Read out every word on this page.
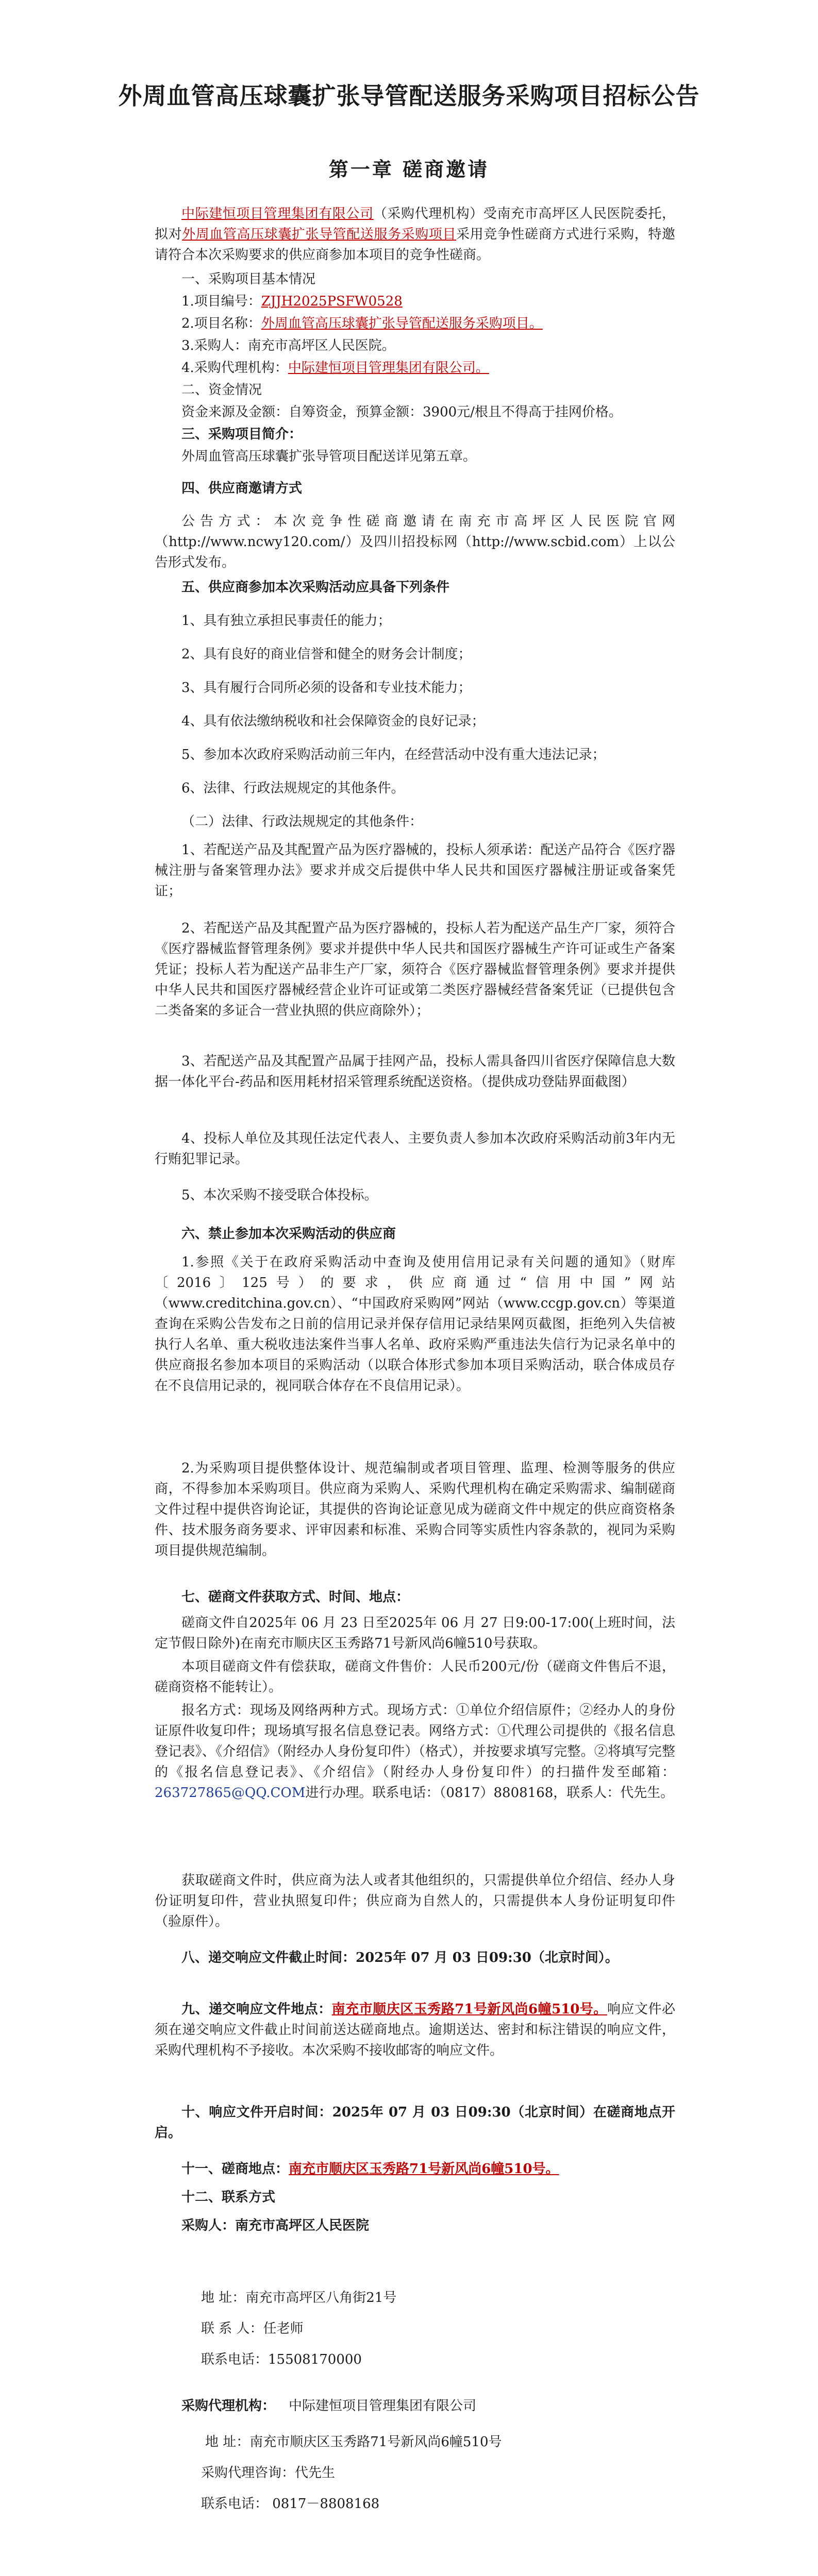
外周血管高压球囊扩张导管配送服务采购项目招标公告
第一章 磋商邀请
中际建恒项目管理集团有限公司（采购代理机构）受南充市高坪区人民医院委托，拟对外周血管高压球囊扩张导管配送服务采购项目采用竞争性磋商方式进行采购，特邀请符合本次采购要求的供应商参加本项目的竞争性磋商。
一、采购项目基本情况
1.项目编号：ZJJH2025PSFW0528
2.项目名称：外周血管高压球囊扩张导管配送服务采购项目。
3.采购人：南充市高坪区人民医院。
4.采购代理机构：中际建恒项目管理集团有限公司。
二、资金情况
资金来源及金额：自筹资金，预算金额：3900元/根且不得高于挂网价格。
三、采购项目简介：
外周血管高压球囊扩张导管项目配送详见第五章。
四、供应商邀请方式
公告方式：本次竞争性磋商邀请在南充市高坪区人民医院官网（http://www.ncwy120.com/）及四川招投标网（http://www.scbid.com）上以公告形式发布。
五、供应商参加本次采购活动应具备下列条件
1、具有独立承担民事责任的能力；
2、具有良好的商业信誉和健全的财务会计制度；
3、具有履行合同所必须的设备和专业技术能力；
4、具有依法缴纳税收和社会保障资金的良好记录；
5、参加本次政府采购活动前三年内，在经营活动中没有重大违法记录；
6、法律、行政法规规定的其他条件。
（二）法律、行政法规规定的其他条件：
1、若配送产品及其配置产品为医疗器械的，投标人须承诺：配送产品符合《医疗器械注册与备案管理办法》要求并成交后提供中华人民共和国医疗器械注册证或备案凭证；
2、若配送产品及其配置产品为医疗器械的，投标人若为配送产品生产厂家，须符合《医疗器械监督管理条例》要求并提供中华人民共和国医疗器械生产许可证或生产备案凭证；投标人若为配送产品非生产厂家，须符合《医疗器械监督管理条例》要求并提供中华人民共和国医疗器械经营企业许可证或第二类医疗器械经营备案凭证（已提供包含二类备案的多证合一营业执照的供应商除外）；
3、若配送产品及其配置产品属于挂网产品，投标人需具备四川省医疗保障信息大数据一体化平台-药品和医用耗材招采管理系统配送资格。（提供成功登陆界面截图）
4、投标人单位及其现任法定代表人、主要负责人参加本次政府采购活动前3年内无行贿犯罪记录。
5、本次采购不接受联合体投标。
六、禁止参加本次采购活动的供应商
1.参照《关于在政府采购活动中查询及使用信用记录有关问题的通知》（财库〔2016〕125号）的要求，供应商通过“信用中国”网站（www.creditchina.gov.cn）、“中国政府采购网”网站（www.ccgp.gov.cn）等渠道查询在采购公告发布之日前的信用记录并保存信用记录结果网页截图，拒绝列入失信被执行人名单、重大税收违法案件当事人名单、政府采购严重违法失信行为记录名单中的供应商报名参加本项目的采购活动（以联合体形式参加本项目采购活动，联合体成员存在不良信用记录的，视同联合体存在不良信用记录）。
2.为采购项目提供整体设计、规范编制或者项目管理、监理、检测等服务的供应商，不得参加本采购项目。供应商为采购人、采购代理机构在确定采购需求、编制磋商文件过程中提供咨询论证，其提供的咨询论证意见成为磋商文件中规定的供应商资格条件、技术服务商务要求、评审因素和标准、采购合同等实质性内容条款的，视同为采购项目提供规范编制。
七、磋商文件获取方式、时间、地点：
磋商文件自2025年 06 月 23 日至2025年 06 月 27 日9:00-17:00(上班时间，法定节假日除外)在南充市顺庆区玉秀路71号新风尚6幢510号获取。
本项目磋商文件有偿获取，磋商文件售价：人民币200元/份（磋商文件售后不退，磋商资格不能转让）。
报名方式：现场及网络两种方式。现场方式：①单位介绍信原件；②经办人的身份证原件收复印件；现场填写报名信息登记表。网络方式：①代理公司提供的《报名信息登记表》、《介绍信》（附经办人身份复印件）（格式），并按要求填写完整。②将填写完整的《报名信息登记表》、《介绍信》（附经办人身份复印件）的扫描件发至邮箱：263727865@QQ.COM进行办理。联系电话：（0817）8808168，联系人：代先生。
获取磋商文件时，供应商为法人或者其他组织的，只需提供单位介绍信、经办人身份证明复印件，营业执照复印件；供应商为自然人的，只需提供本人身份证明复印件（验原件）。
八、递交响应文件截止时间：2025年 07 月 03 日09:30（北京时间）。
九、递交响应文件地点：南充市顺庆区玉秀路71号新风尚6幢510号。响应文件必须在递交响应文件截止时间前送达磋商地点。逾期送达、密封和标注错误的响应文件，采购代理机构不予接收。本次采购不接收邮寄的响应文件。
十、响应文件开启时间：2025年 07 月 03 日09:30（北京时间）在磋商地点开启。
十一、磋商地点：南充市顺庆区玉秀路71号新风尚6幢510号。
十二、联系方式
采购人：南充市高坪区人民医院
地 址：南充市高坪区八角街21号
联 系 人：任老师
联系电话：15508170000
采购代理机构： 中际建恒项目管理集团有限公司
地 址：南充市顺庆区玉秀路71号新风尚6幢510号
采购代理咨询：代先生
联系电话： 0817－8808168
